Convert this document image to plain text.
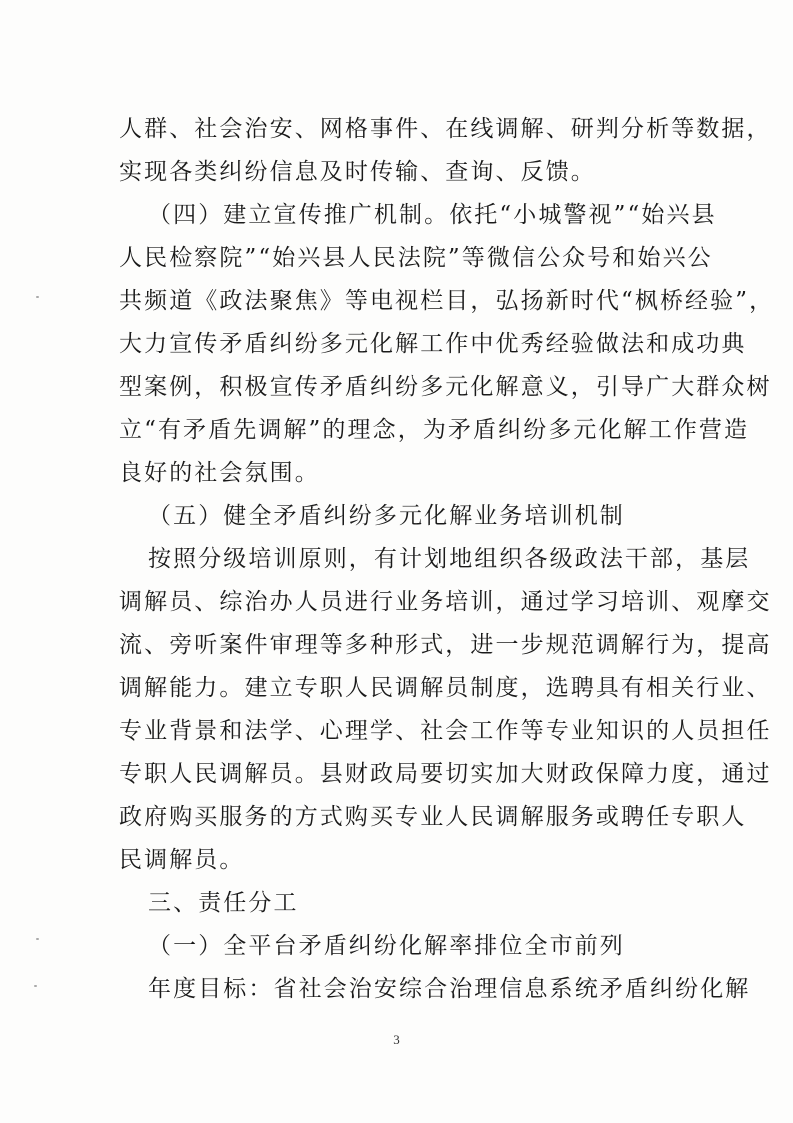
人群、社会治安、网格事件、在线调解、研判分析等数据，
实现各类纠纷信息及时传输、查询、反馈。
（四）建立宣传推广机制。依托“小城警视”“始兴县
人民检察院”“始兴县人民法院”等微信公众号和始兴公
共频道《政法聚焦》等电视栏目，弘扬新时代“枫桥经验”，
大力宣传矛盾纠纷多元化解工作中优秀经验做法和成功典
型案例，积极宣传矛盾纠纷多元化解意义，引导广大群众树
立“有矛盾先调解”的理念，为矛盾纠纷多元化解工作营造
良好的社会氛围。
（五）健全矛盾纠纷多元化解业务培训机制
按照分级培训原则，有计划地组织各级政法干部，基层
调解员、综治办人员进行业务培训，通过学习培训、观摩交
流、旁听案件审理等多种形式，进一步规范调解行为，提高
调解能力。建立专职人民调解员制度，选聘具有相关行业、
专业背景和法学、心理学、社会工作等专业知识的人员担任
专职人民调解员。县财政局要切实加大财政保障力度，通过
政府购买服务的方式购买专业人民调解服务或聘任专职人
民调解员。
三、责任分工
（一）全平台矛盾纠纷化解率排位全市前列
年度目标：省社会治安综合治理信息系统矛盾纠纷化解
3
